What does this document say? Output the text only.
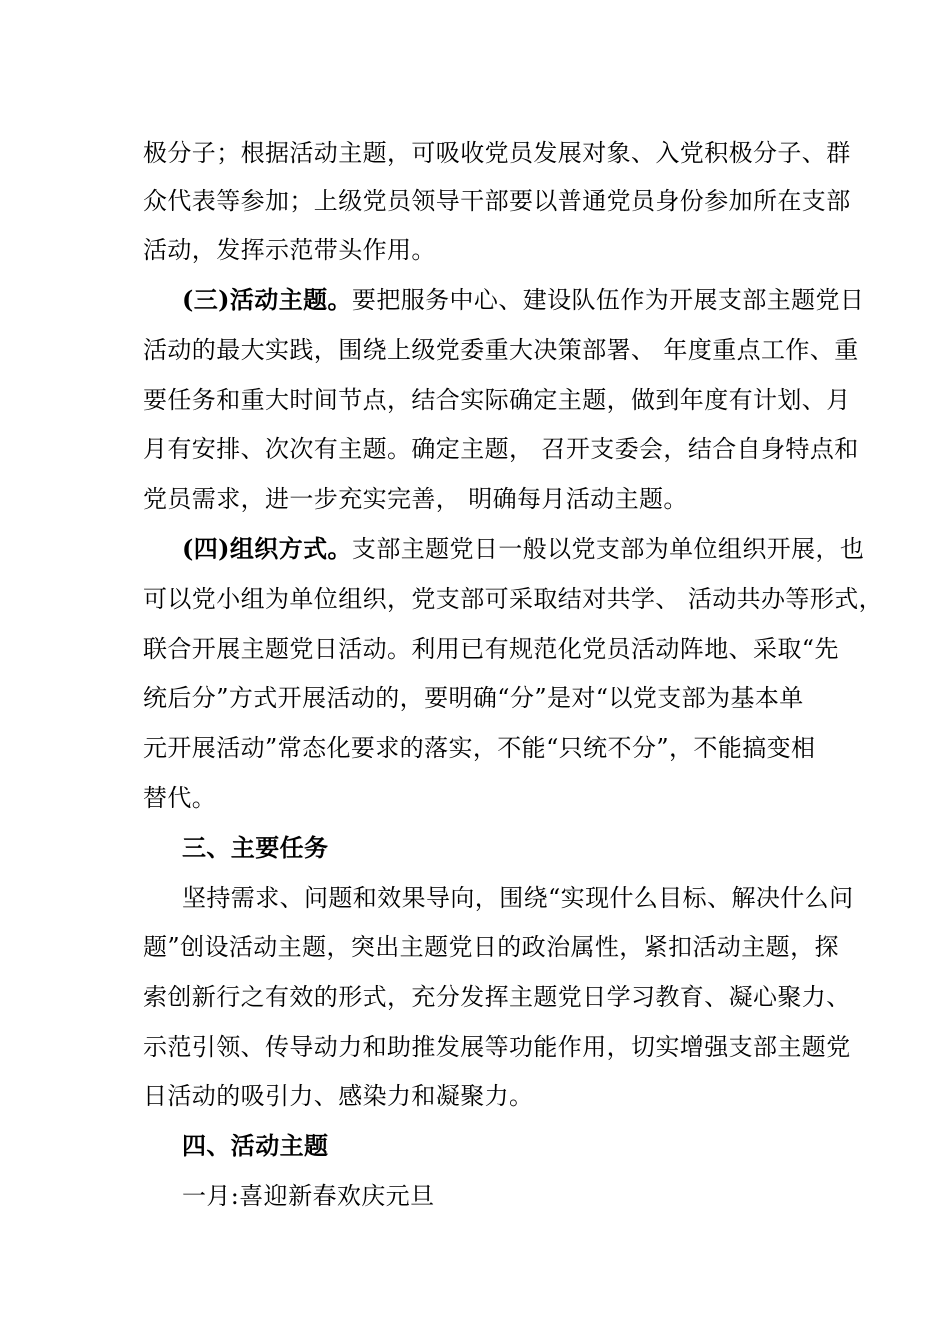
极分子；根据活动主题，可吸收党员发展对象、入党积极分子、群
众代表等参加；上级党员领导干部要以普通党员身份参加所在支部
活动，发挥示范带头作用。
(三)活动主题。要把服务中心、建设队伍作为开展支部主题党日
活动的最大实践，围绕上级党委重大决策部署、 年度重点工作、重
要任务和重大时间节点，结合实际确定主题，做到年度有计划、月
月有安排、次次有主题。确定主题， 召开支委会，结合自身特点和
党员需求，进一步充实完善， 明确每月活动主题。
(四)组织方式。支部主题党日一般以党支部为单位组织开展，也
可以党小组为单位组织，党支部可采取结对共学、 活动共办等形式，
联合开展主题党日活动。利用已有规范化党员活动阵地、采取“先
统后分”方式开展活动的，要明确“分”是对“以党支部为基本单
元开展活动”常态化要求的落实，不能“只统不分”，不能搞变相
替代。
三、主要任务
坚持需求、问题和效果导向，围绕“实现什么目标、解决什么问
题”创设活动主题，突出主题党日的政治属性，紧扣活动主题，探
索创新行之有效的形式，充分发挥主题党日学习教育、凝心聚力、
示范引领、传导动力和助推发展等功能作用，切实增强支部主题党
日活动的吸引力、感染力和凝聚力。
四、活动主题
一月:喜迎新春欢庆元旦
